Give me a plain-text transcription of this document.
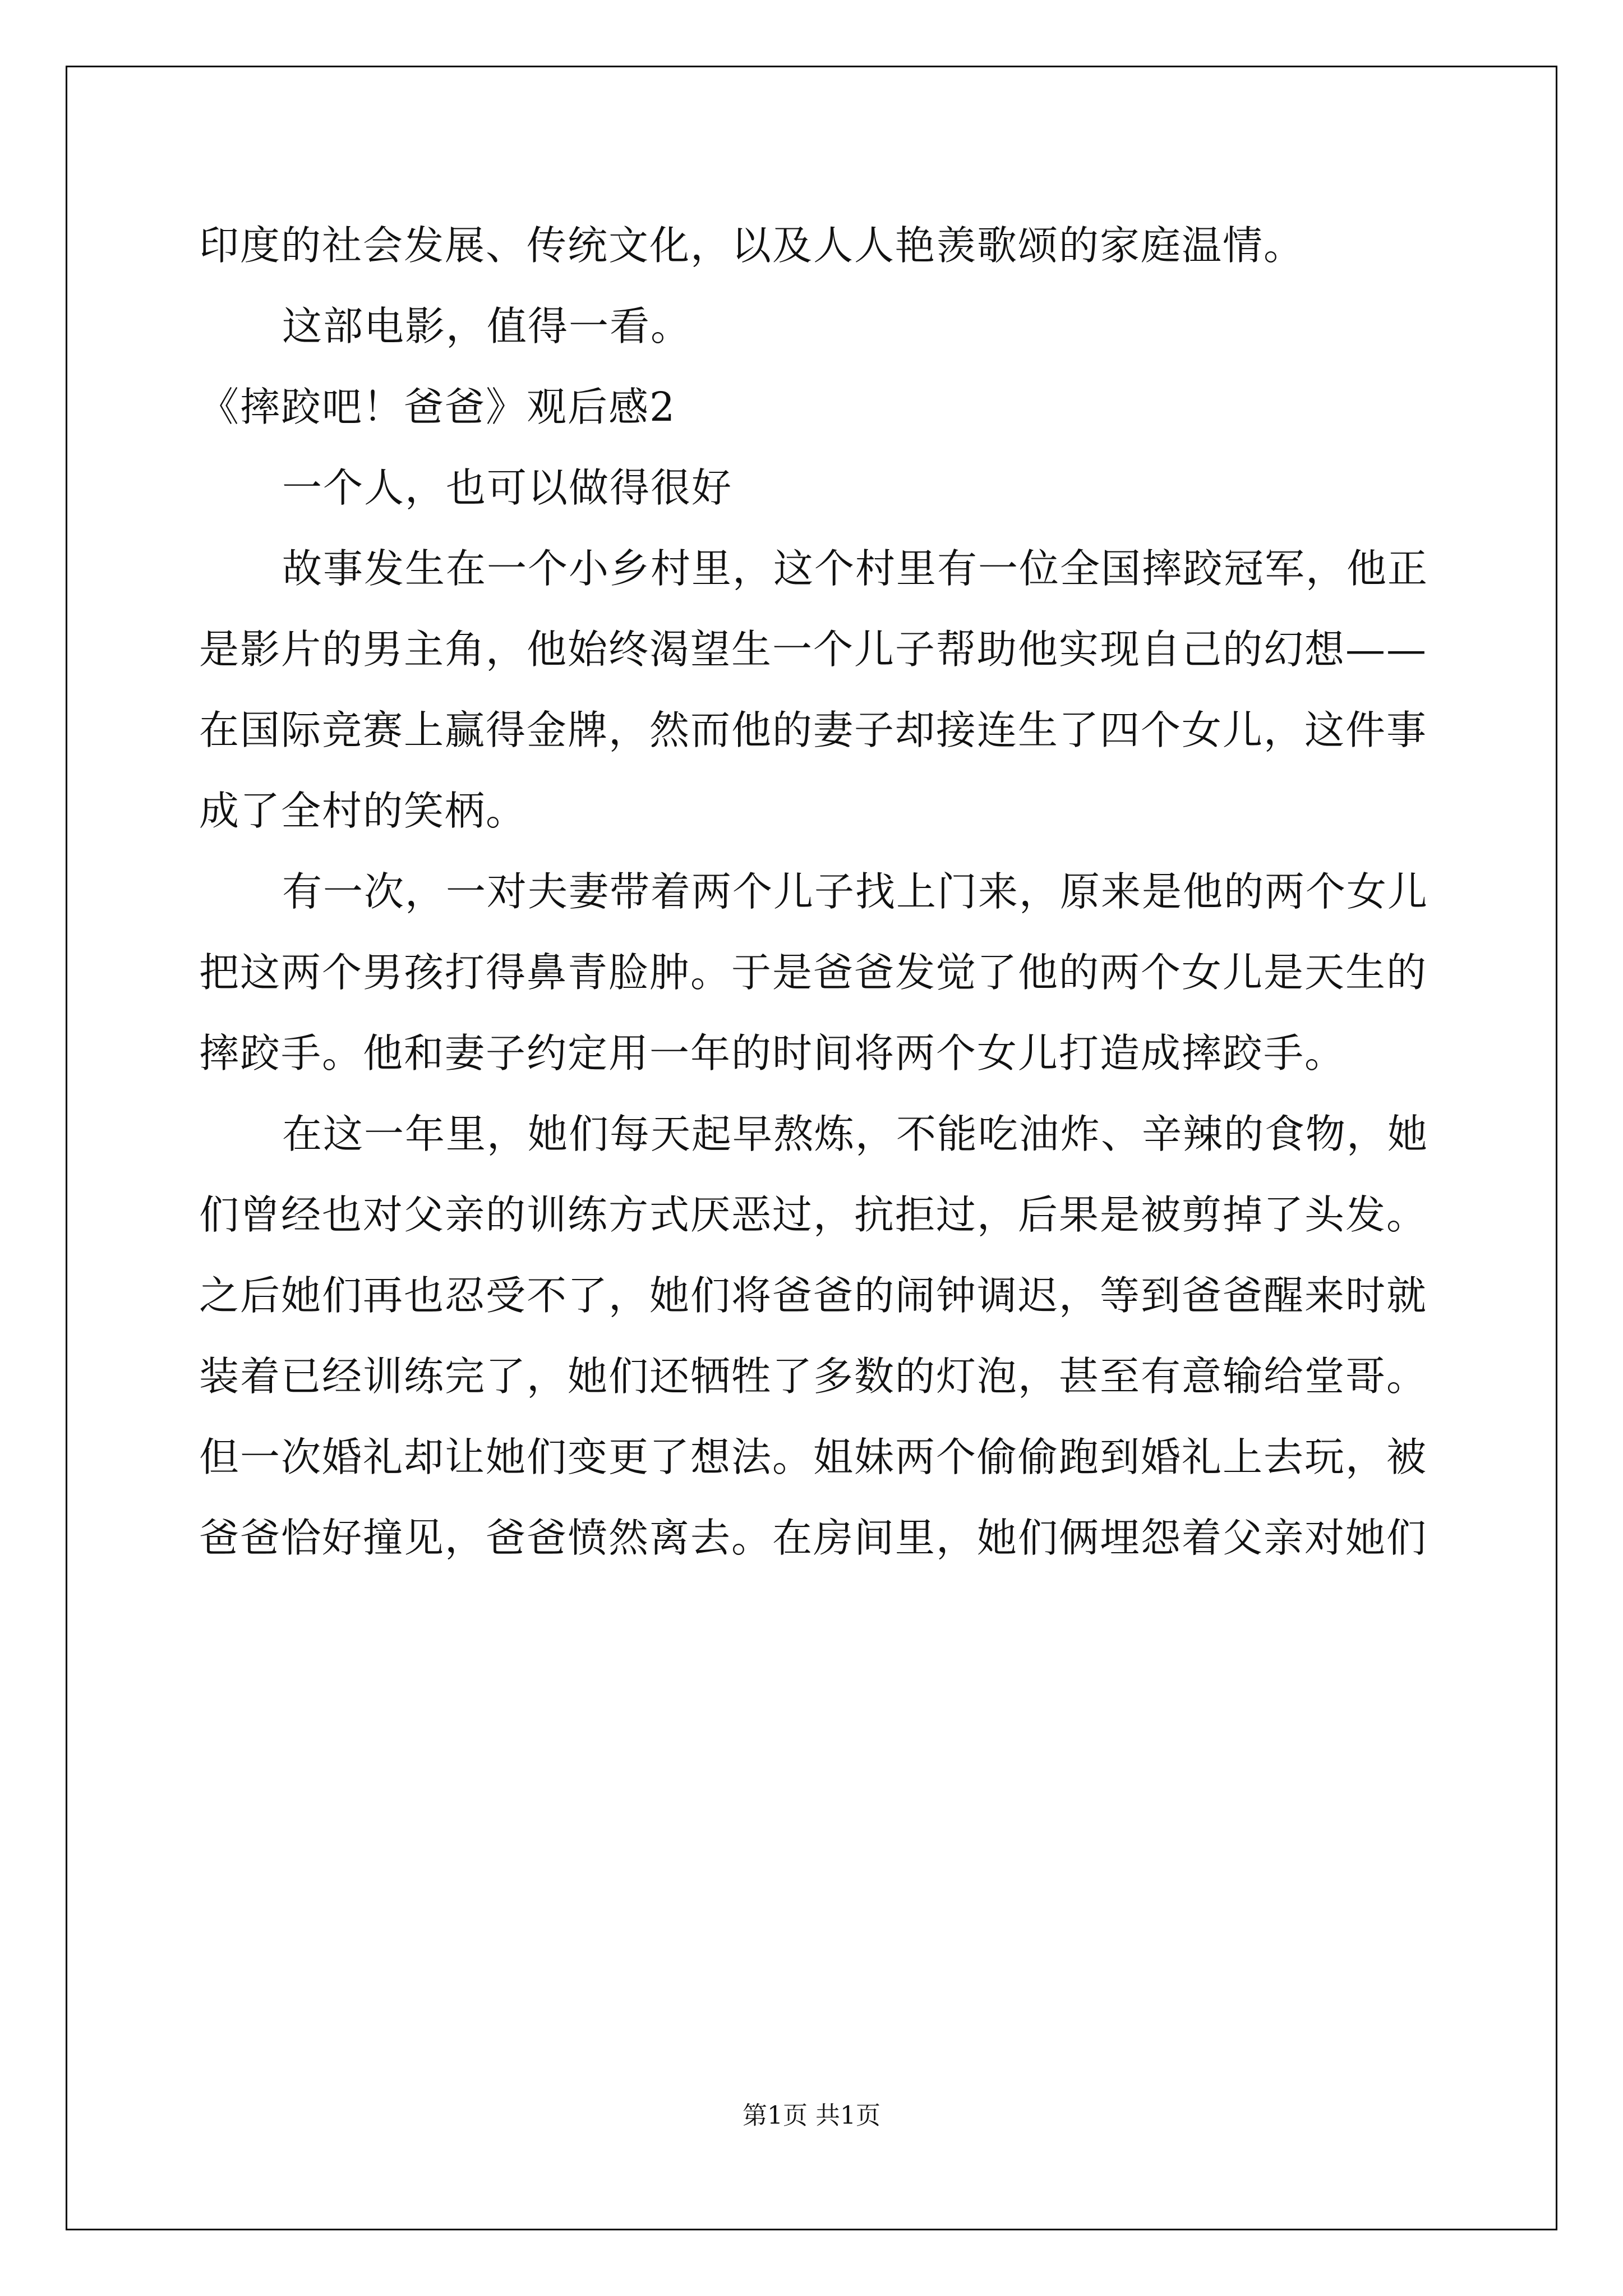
印度的社会发展、传统文化，以及人人艳羡歌颂的家庭温情。
这部电影，值得一看。
《摔跤吧！爸爸》观后感2
一个人，也可以做得很好
故事发生在一个小乡村里，这个村里有一位全国摔跤冠军，他正
是影片的男主角，他始终渴望生一个儿子帮助他实现自己的幻想——
在国际竞赛上赢得金牌，然而他的妻子却接连生了四个女儿，这件事
成了全村的笑柄。
有一次，一对夫妻带着两个儿子找上门来，原来是他的两个女儿
把这两个男孩打得鼻青脸肿。于是爸爸发觉了他的两个女儿是天生的
摔跤手。他和妻子约定用一年的时间将两个女儿打造成摔跤手。
在这一年里，她们每天起早熬炼，不能吃油炸、辛辣的食物，她
们曾经也对父亲的训练方式厌恶过，抗拒过，后果是被剪掉了头发。
之后她们再也忍受不了，她们将爸爸的闹钟调迟，等到爸爸醒来时就
装着已经训练完了，她们还牺牲了多数的灯泡，甚至有意输给堂哥。
但一次婚礼却让她们变更了想法。姐妹两个偷偷跑到婚礼上去玩，被
爸爸恰好撞见，爸爸愤然离去。在房间里，她们俩埋怨着父亲对她们
第1页 共1页
